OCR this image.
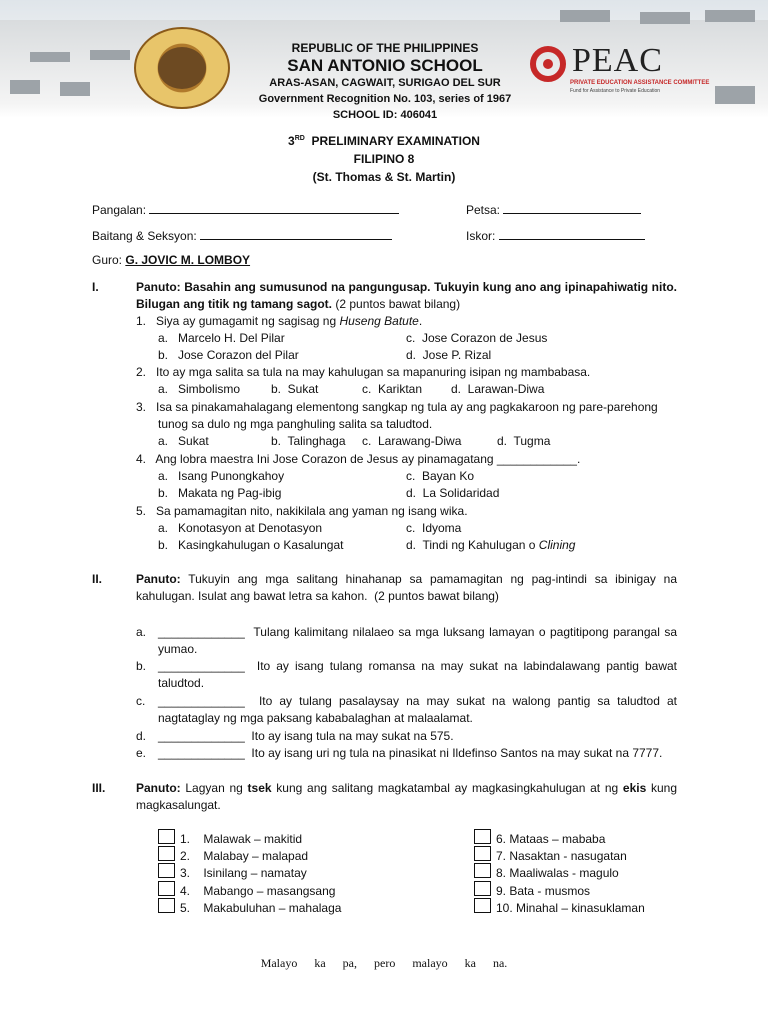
REPUBLIC OF THE PHILIPPINES
SAN ANTONIO SCHOOL
ARAS-ASAN, CAGWAIT, SURIGAO DEL SUR
Government Recognition No. 103, series of 1967
SCHOOL ID: 406041
PEAC
PRIVATE EDUCATION ASSISTANCE COMMITTEE
Fund for Assistance to Private Education
3RD PRELIMINARY EXAMINATION
FILIPINO 8
(St. Thomas & St. Martin)
Pangalan:	Petsa:
Baitang & Seksyon:	Iskor:
Guro: G. JOVIC M. LOMBOY
I.	Panuto: Basahin ang sumusunod na pangungusap. Tukuyin kung ano ang ipinapahiwatig nito.
Bilugan ang titik ng tamang sagot. (2 puntos bawat bilang)
1.   Siya ay gumagamit ng sagisag ng Huseng Batute.
a.   Marcelo H. Del Pilar	c.  Jose Corazon de Jesus
b.   Jose Corazon del Pilar	d.  Jose P. Rizal
2.   Ito ay mga salita sa tula na may kahulugan sa mapanuring isipan ng mambabasa.
a.   Simbolismo	b.  Sukat	c.  Kariktan d.  Larawan-Diwa
3.   Isa sa pinakamahalagang elementong sangkap ng tula ay ang pagkakaroon ng pare-parehong
tunog sa dulo ng mga panghuling salita sa taludtod.
a.   Sukat	b.  Talinghaga c.  Larawang-Diwa	d.  Tugma
4.   Ang lobra maestra Ini Jose Corazon de Jesus ay pinamagatang ____________.
a.   Isang Punongkahoy	c.  Bayan Ko
b.   Makata ng Pag-ibig	d.  La Solidaridad
5.   Sa pamamagitan nito, nakikilala ang yaman ng isang wika.
a.   Konotasyon at Denotasyon	c.  Idyoma
b.   Kasingkahulugan o Kasalungat	d.  Tindi ng Kahulugan o Clining
II.	Panuto: Tukuyin ang mga salitang hinahanap sa pamamagitan ng pag-intindi sa ibinigay na
kahulugan. Isulat ang bawat letra sa kahon.  (2 puntos bawat bilang)
a. _____________  Tulang kalimitang nilalaeo sa mga luksang lamayan o pagtitipong parangal sa
yumao.
b. _____________  Ito ay isang tulang romansa na may sukat na labindalawang pantig bawat
taludtod.
c. _____________  Ito ay tulang pasalaysay na may sukat na walong pantig sa taludtod at
nagtataglay ng mga paksang kababalaghan at malaalamat.
d. _____________  Ito ay isang tula na may sukat na 575.
e. _____________  Ito ay isang uri ng tula na pinasikat ni Ildefinso Santos na may sukat na 7777.
III.	Panuto: Lagyan ng tsek kung ang salitang magkatambal ay magkasingkahulugan at ng ekis kung
magkasalungat.
1.    Malawak – makitid
2.    Malabay – malapad
3.    Isinilang – namatay
4.    Mabango – masangsang
5.    Makabuluhan – mahalaga
6. Mataas – mababa
7. Nasaktan - nasugatan
8. Maaliwalas - magulo
9. Bata - musmos
10. Minahal – kinasuklaman
Malayo ka pa, pero malayo ka na.
